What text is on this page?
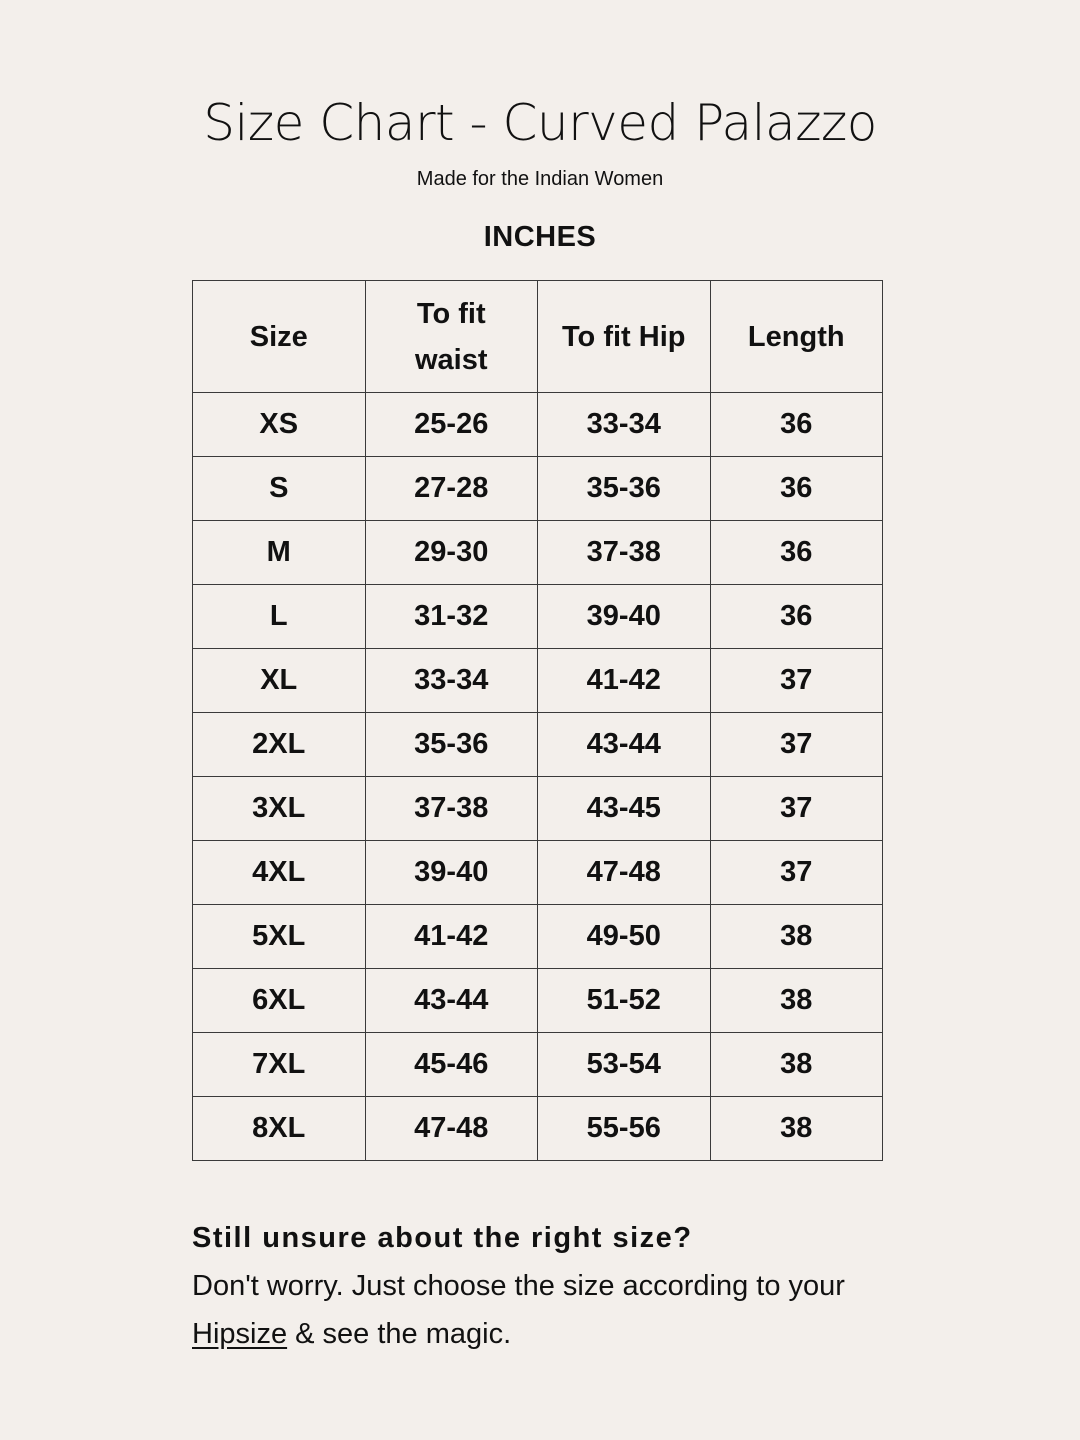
Size Chart - Curved Palazzo
Made for the Indian Women
INCHES
Size	To fit waist	To fit Hip	Length
XS	25-26	33-34	36
S	27-28	35-36	36
M	29-30	37-38	36
L	31-32	39-40	36
XL	33-34	41-42	37
2XL	35-36	43-44	37
3XL	37-38	43-45	37
4XL	39-40	47-48	37
5XL	41-42	49-50	38
6XL	43-44	51-52	38
7XL	45-46	53-54	38
8XL	47-48	55-56	38
Still unsure about the right size?
Don't worry. Just choose the size according to your Hipsize & see the magic.
